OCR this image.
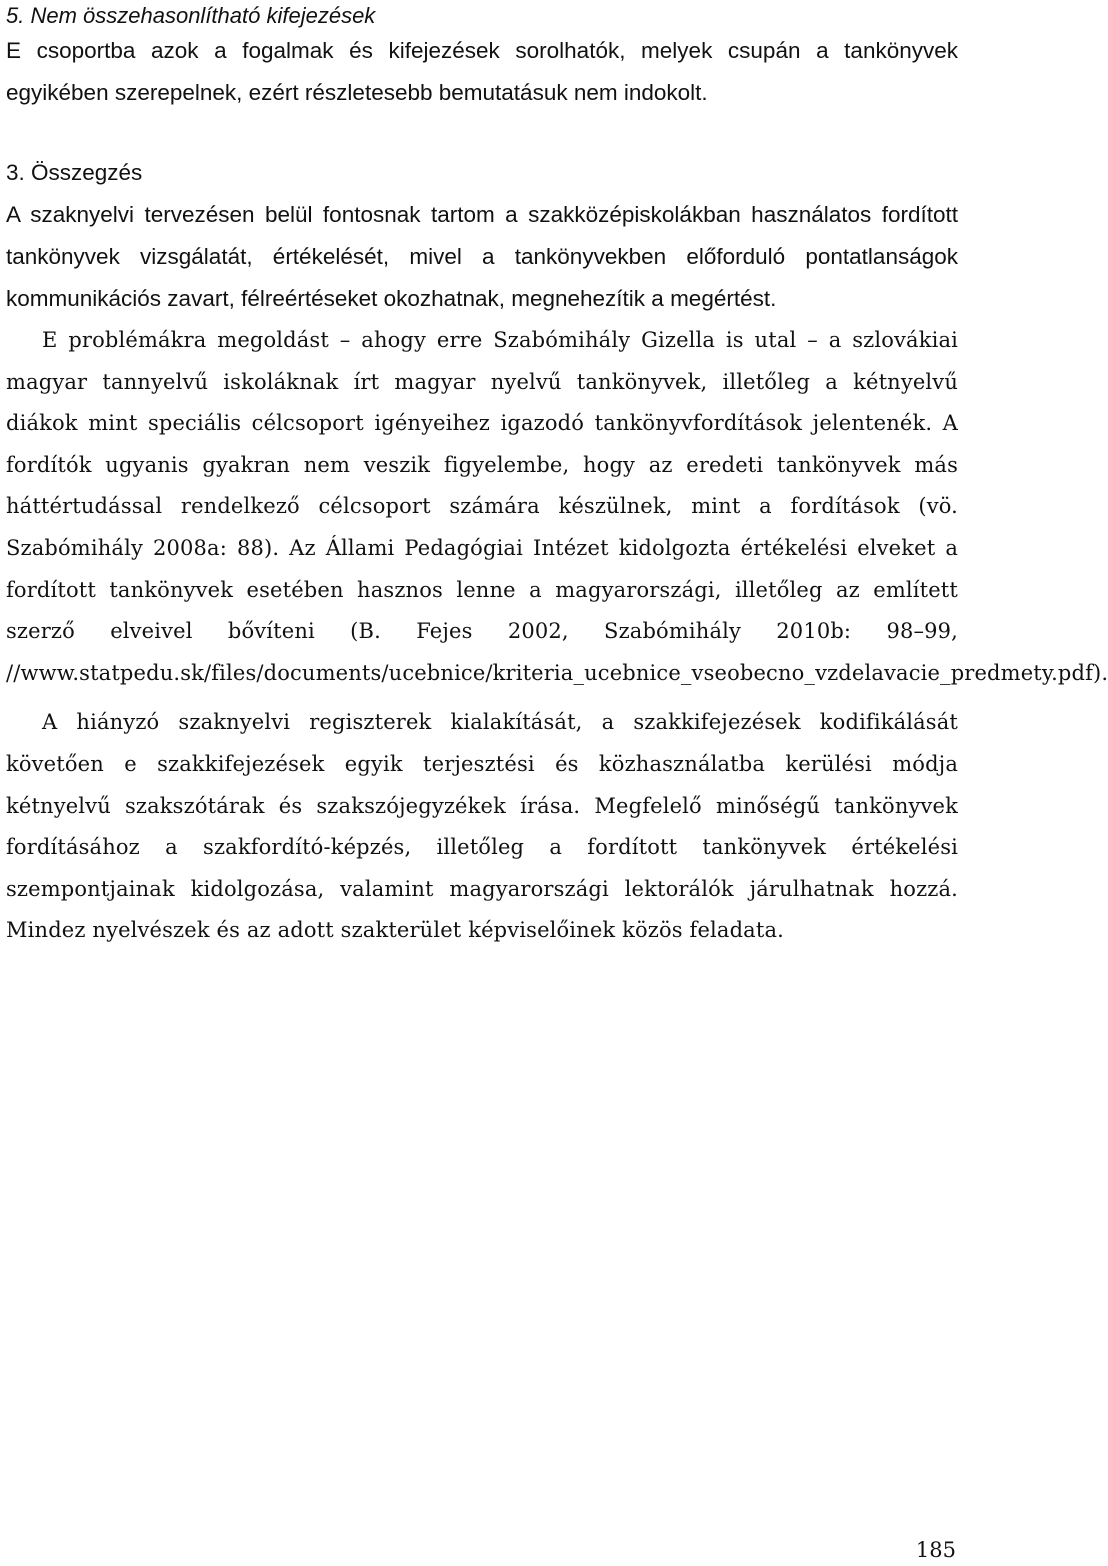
5. Nem összehasonlítható kifejezések

E csoportba azok a fogalmak és kifejezések sorolhatók, melyek csupán a tankönyvek egyikében szerepelnek, ezért részletesebb bemutatásuk nem indokolt.

3. Összegzés

A szaknyelvi tervezésen belül fontosnak tartom a szakközépiskolákban használatos fordított tankönyvek vizsgálatát, értékelését, mivel a tankönyvekben előforduló pontatlanságok kommunikációs zavart, félreértéseket okozhatnak, megnehezítik a megértést.

E problémákra megoldást – ahogy erre Szabómihály Gizella is utal – a szlovákiai magyar tannyelvű iskoláknak írt magyar nyelvű tankönyvek, illetőleg a kétnyelvű diákok mint speciális célcsoport igényeihez igazodó tankönyvfordítások jelentenék. A fordítók ugyanis gyakran nem veszik figyelembe, hogy az eredeti tankönyvek más háttértudással rendelkező célcsoport számára készülnek, mint a fordítások (vö. Szabómihály 2008a: 88). Az Állami Pedagógiai Intézet kidolgozta értékelési elveket a fordított tankönyvek esetében hasznos lenne a magyarországi, illetőleg az említett szerző elveivel bővíteni (B. Fejes 2002, Szabómihály 2010b: 98–99, //www.statpedu.sk/files/documents/ucebnice/kriteria_ucebnice_vseobecno_vzdelavacie_predmety.pdf).

A hiányzó szaknyelvi regiszterek kialakítását, a szakkifejezések kodifikálását követően e szakkifejezések egyik terjesztési és közhasználatba kerülési módja kétnyelvű szakszótárak és szakszójegyzékek írása. Megfelelő minőségű tankönyvek fordításához a szakfordító-képzés, illetőleg a fordított tankönyvek értékelési szempontjainak kidolgozása, valamint magyarországi lektorálók járulhatnak hozzá. Mindez nyelvészek és az adott szakterület képviselőinek közös feladata.

185
